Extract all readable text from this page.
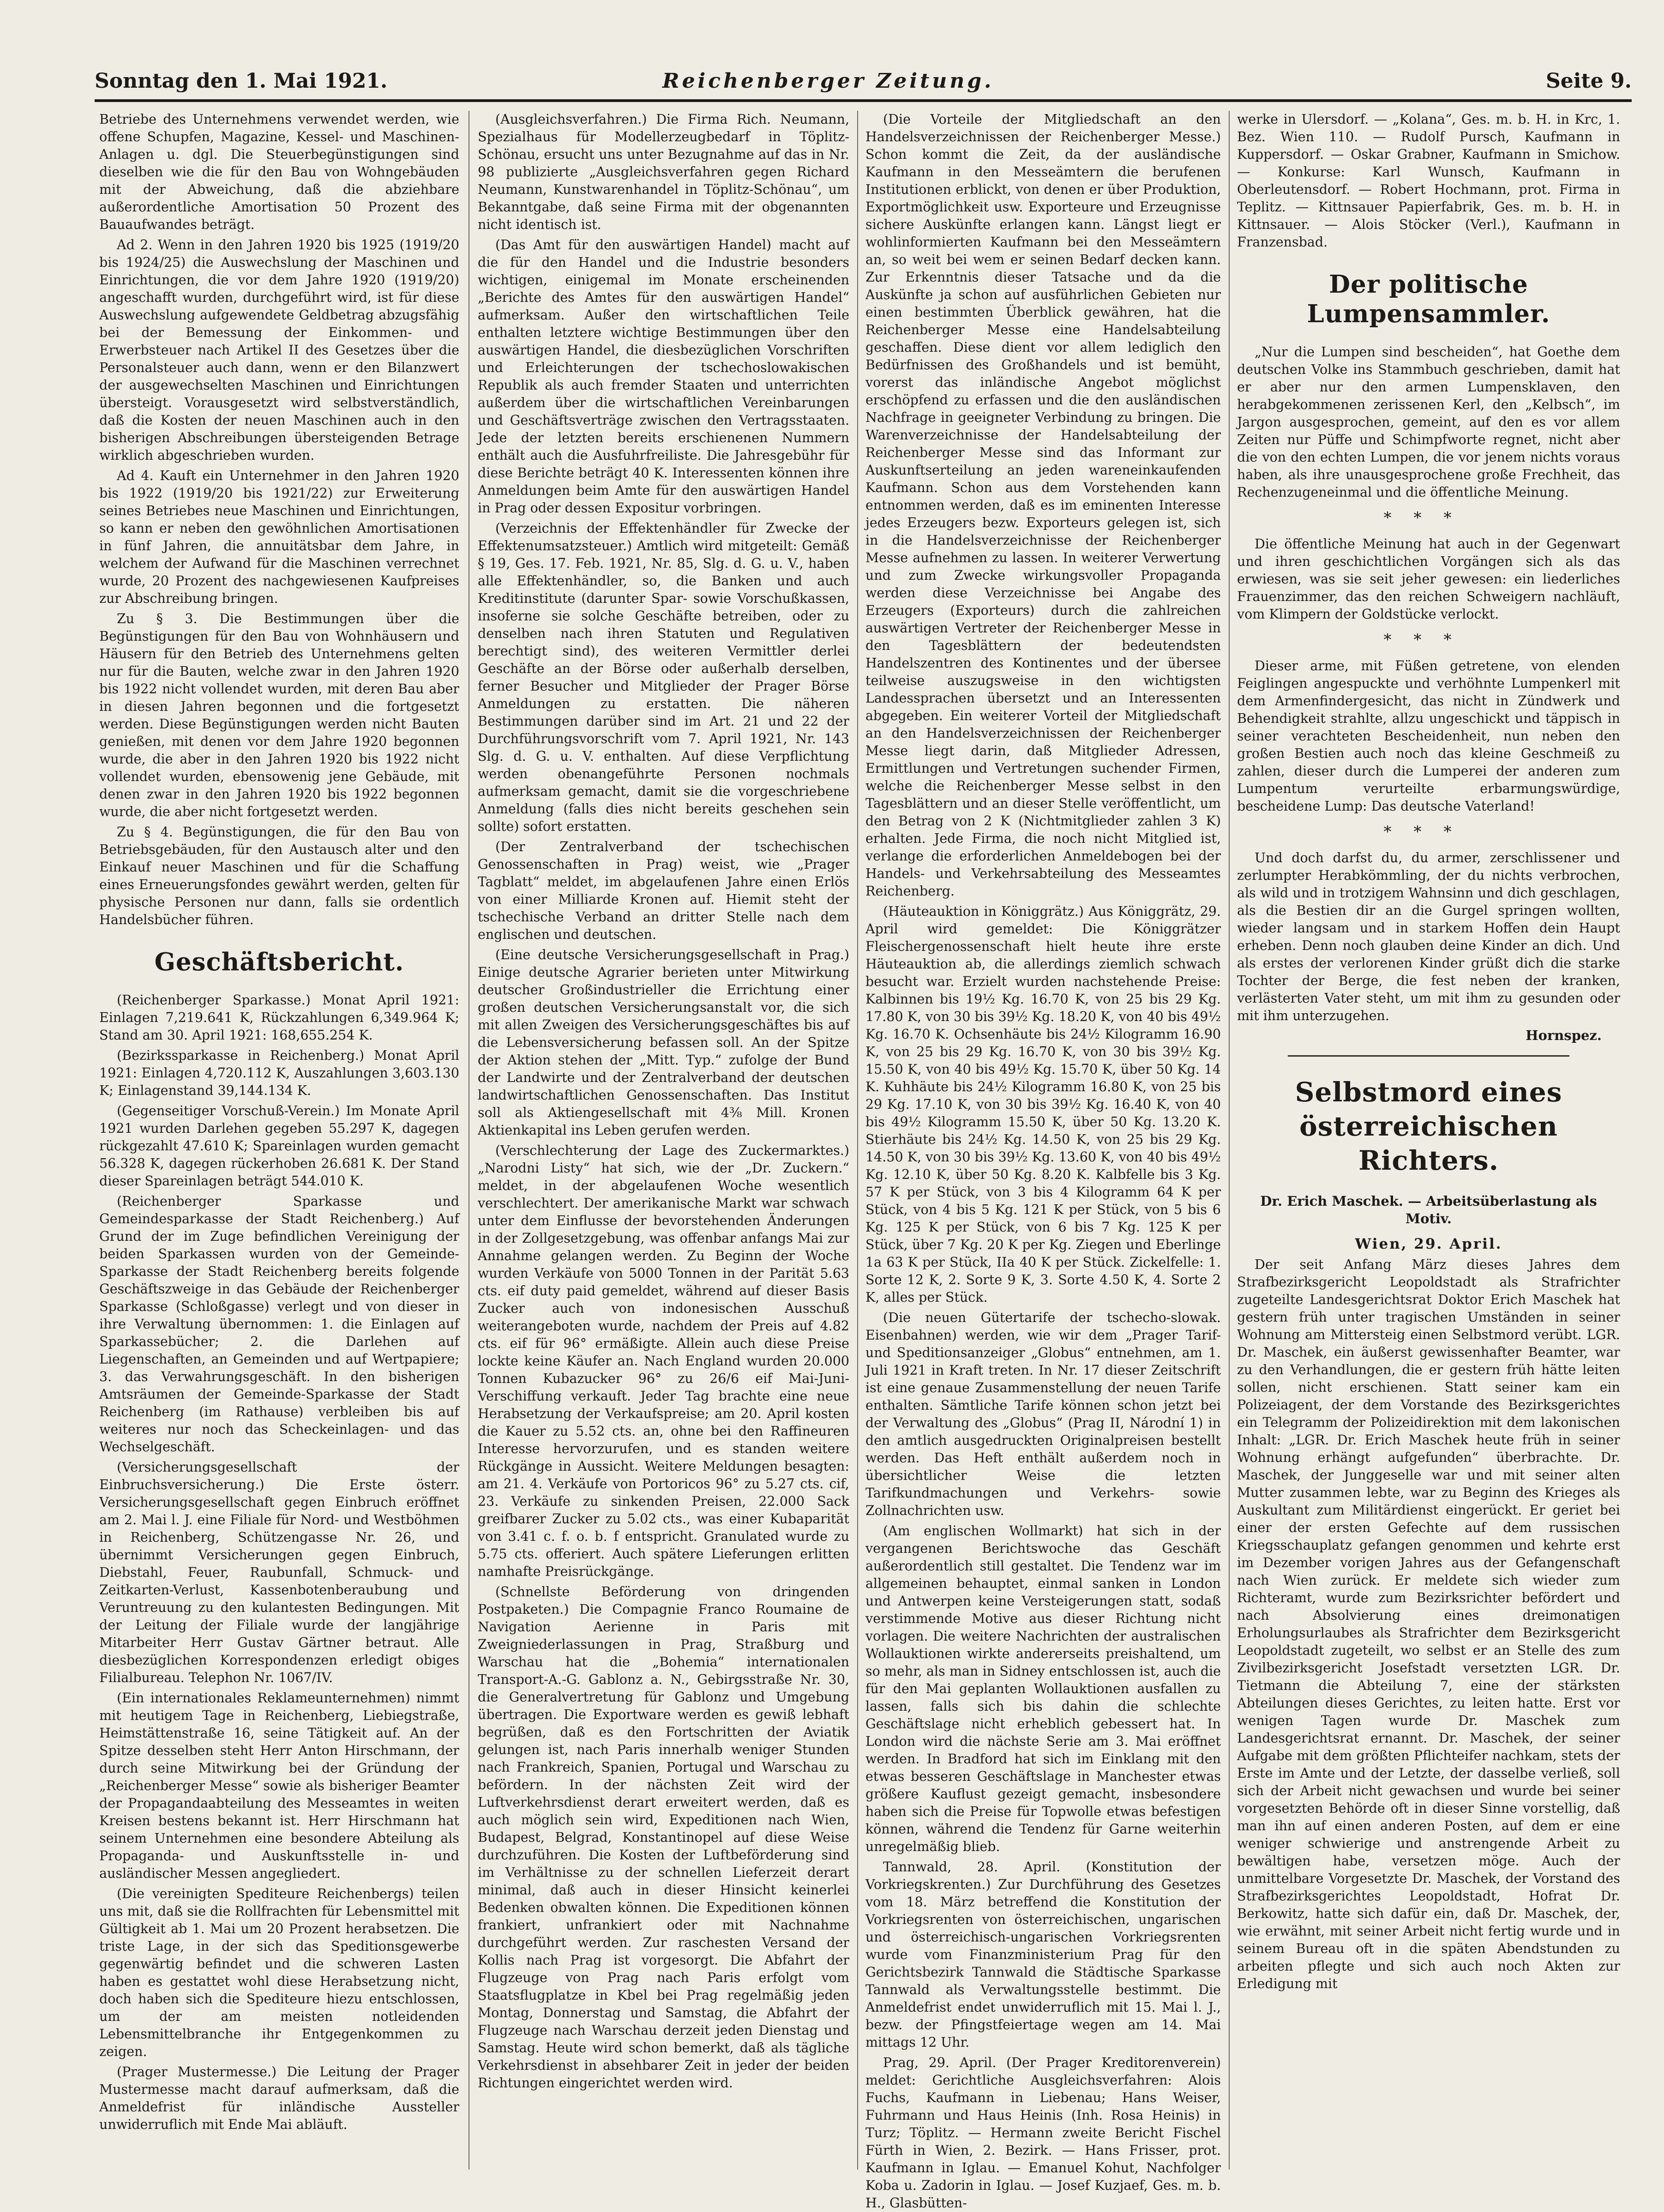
Sonntag den 1. Mai 1921.	Reichenberger Zeitung.	Seite 9.

Betriebe des Unternehmens verwendet werden, wie offene Schupfen, Magazine, Kessel- und Maschinen-Anlagen u. dgl. Die Steuerbegünstigungen sind dieselben wie die für den Bau von Wohngebäuden mit der Abweichung, daß die abziehbare außerordentliche Amortisation 50 Prozent des Bauaufwandes beträgt.

Ad 2. Wenn in den Jahren 1920 bis 1925 (1919/20 bis 1924/25) die Auswechslung der Maschinen und Einrichtungen, die vor dem Jahre 1920 (1919/20) angeschafft wurden, durchgeführt wird, ist für diese Auswechslung aufgewendete Geldbetrag abzugsfähig bei der Bemessung der Einkommen- und Erwerbsteuer nach Artikel II des Gesetzes über die Personalsteuer auch dann, wenn er den Bilanzwert der ausgewechselten Maschinen und Einrichtungen übersteigt. Vorausgesetzt wird selbstverständlich, daß die Kosten der neuen Maschinen auch in den bisherigen Abschreibungen übersteigenden Betrage wirklich abgeschrieben wurden.

Ad 4. Kauft ein Unternehmer in den Jahren 1920 bis 1922 (1919/20 bis 1921/22) zur Erweiterung seines Betriebes neue Maschinen und Einrichtungen, so kann er neben den gewöhnlichen Amortisationen in fünf Jahren, die annuitätsbar dem Jahre, in welchem der Aufwand für die Maschinen verrechnet wurde, 20 Prozent des nachgewiesenen Kaufpreises zur Abschreibung bringen.

Zu § 3. Die Bestimmungen über die Begünstigungen für den Bau von Wohnhäusern und Häusern für den Betrieb des Unternehmens gelten nur für die Bauten, welche zwar in den Jahren 1920 bis 1922 nicht vollendet wurden, mit deren Bau aber in diesen Jahren begonnen und die fortgesetzt werden. Diese Begünstigungen werden nicht Bauten genießen, mit denen vor dem Jahre 1920 begonnen wurde, die aber in den Jahren 1920 bis 1922 nicht vollendet wurden, ebensowenig jene Gebäude, mit denen zwar in den Jahren 1920 bis 1922 begonnen wurde, die aber nicht fortgesetzt werden.

Zu § 4. Begünstigungen, die für den Bau von Betriebsgebäuden, für den Austausch alter und den Einkauf neuer Maschinen und für die Schaffung eines Erneuerungsfondes gewährt werden, gelten für physische Personen nur dann, falls sie ordentlich Handelsbücher führen.

Geschäftsbericht.

(Reichenberger Sparkasse.) Monat April 1921: Einlagen 7,219.641 K, Rückzahlungen 6,349.964 K; Stand am 30. April 1921: 168,655.254 K.

(Bezirkssparkasse in Reichenberg.) Monat April 1921: Einlagen 4,720.112 K, Auszahlungen 3,603.130 K; Einlagenstand 39,144.134 K.

(Gegenseitiger Vorschuß-Verein.) Im Monate April 1921 wurden Darlehen gegeben 55.297 K, dagegen rückgezahlt 47.610 K; Spareinlagen wurden gemacht 56.328 K, dagegen rückerhoben 26.681 K. Der Stand dieser Spareinlagen beträgt 544.010 K.

(Reichenberger Sparkasse und Gemeindesparkasse der Stadt Reichenberg.) Auf Grund der im Zuge befindlichen Vereinigung der beiden Sparkassen wurden von der Gemeinde-Sparkasse der Stadt Reichenberg bereits folgende Geschäftszweige in das Gebäude der Reichenberger Sparkasse (Schloßgasse) verlegt und von dieser in ihre Verwaltung übernommen: 1. die Einlagen auf Sparkassebücher; 2. die Darlehen auf Liegenschaften, an Gemeinden und auf Wertpapiere; 3. das Verwahrungsgeschäft. In den bisherigen Amtsräumen der Gemeinde-Sparkasse der Stadt Reichenberg (im Rathause) verbleiben bis auf weiteres nur noch das Scheckeinlagen- und das Wechselgeschäft.

(Versicherungsgesellschaft der Einbruchsversicherung.) Die Erste österr. Versicherungsgesellschaft gegen Einbruch eröffnet am 2. Mai l. J. eine Filiale für Nord- und Westböhmen in Reichenberg, Schützengasse Nr. 26, und übernimmt Versicherungen gegen Einbruch, Diebstahl, Feuer, Raubunfall, Schmuck- und Zeitkarten-Verlust, Kassenbotenberaubung und Veruntreuung zu den kulantesten Bedingungen. Mit der Leitung der Filiale wurde der langjährige Mitarbeiter Herr Gustav Gärtner betraut. Alle diesbezüglichen Korrespondenzen erledigt obiges Filialbureau. Telephon Nr. 1067/IV.

(Ein internationales Reklameunternehmen) nimmt mit heutigem Tage in Reichenberg, Liebiegstraße, Heimstättenstraße 16, seine Tätigkeit auf. An der Spitze desselben steht Herr Anton Hirschmann, der durch seine Mitwirkung bei der Gründung der „Reichenberger Messe“ sowie als bisheriger Beamter der Propagandaabteilung des Messeamtes in weiten Kreisen bestens bekannt ist. Herr Hirschmann hat seinem Unternehmen eine besondere Abteilung als Propaganda- und Auskunftsstelle in- und ausländischer Messen angegliedert.

(Die vereinigten Spediteure Reichenbergs) teilen uns mit, daß sie die Rollfrachten für Lebensmittel mit Gültigkeit ab 1. Mai um 20 Prozent herabsetzen. Die triste Lage, in der sich das Speditionsgewerbe gegenwärtig befindet und die schweren Lasten haben es gestattet wohl diese Herabsetzung nicht, doch haben sich die Spediteure hiezu entschlossen, um der am meisten notleidenden Lebensmittelbranche ihr Entgegenkommen zu zeigen.

(Prager Mustermesse.) Die Leitung der Prager Mustermesse macht darauf aufmerksam, daß die Anmeldefrist für inländische Aussteller unwiderruflich mit Ende Mai abläuft.

(Ausgleichsverfahren.) Die Firma Rich. Neumann, Spezialhaus für Modellerzeugbedarf in Töplitz-Schönau, ersucht uns unter Bezugnahme auf das in Nr. 98 publizierte „Ausgleichsverfahren gegen Richard Neumann, Kunstwarenhandel in Töplitz-Schönau“, um Bekanntgabe, daß seine Firma mit der obgenannten nicht identisch ist.

(Das Amt für den auswärtigen Handel) macht auf die für den Handel und die Industrie besonders wichtigen, einigemal im Monate erscheinenden „Berichte des Amtes für den auswärtigen Handel“ aufmerksam. Außer den wirtschaftlichen Teile enthalten letztere wichtige Bestimmungen über den auswärtigen Handel, die diesbezüglichen Vorschriften und Erleichterungen der tschechoslowakischen Republik als auch fremder Staaten und unterrichten außerdem über die wirtschaftlichen Vereinbarungen und Geschäftsverträge zwischen den Vertragsstaaten. Jede der letzten bereits erschienenen Nummern enthält auch die Ausfuhrfreiliste. Die Jahresgebühr für diese Berichte beträgt 40 K. Interessenten können ihre Anmeldungen beim Amte für den auswärtigen Handel in Prag oder dessen Expositur vorbringen.

(Verzeichnis der Effektenhändler für Zwecke der Effektenumsatzsteuer.) Amtlich wird mitgeteilt: Gemäß § 19, Ges. 17. Feb. 1921, Nr. 85, Slg. d. G. u. V., haben alle Effektenhändler, so, die Banken und auch Kreditinstitute (darunter Spar- sowie Vorschußkassen, insoferne sie solche Geschäfte betreiben, oder zu denselben nach ihren Statuten und Regulativen berechtigt sind), des weiteren Vermittler derlei Geschäfte an der Börse oder außerhalb derselben, ferner Besucher und Mitglieder der Prager Börse Anmeldungen zu erstatten. Die näheren Bestimmungen darüber sind im Art. 21 und 22 der Durchführungsvorschrift vom 7. April 1921, Nr. 143 Slg. d. G. u. V. enthalten. Auf diese Verpflichtung werden obenangeführte Personen nochmals aufmerksam gemacht, damit sie die vorgeschriebene Anmeldung (falls dies nicht bereits geschehen sein sollte) sofort erstatten.

(Der Zentralverband der tschechischen Genossenschaften in Prag) weist, wie „Prager Tagblatt“ meldet, im abgelaufenen Jahre einen Erlös von einer Milliarde Kronen auf. Hiemit steht der tschechische Verband an dritter Stelle nach dem englischen und deutschen.

(Eine deutsche Versicherungsgesellschaft in Prag.) Einige deutsche Agrarier berieten unter Mitwirkung deutscher Großindustrieller die Errichtung einer großen deutschen Versicherungsanstalt vor, die sich mit allen Zweigen des Versicherungsgeschäftes bis auf die Lebensversicherung befassen soll. An der Spitze der Aktion stehen der „Mitt. Typ.“ zufolge der Bund der Landwirte und der Zentralverband der deutschen landwirtschaftlichen Genossenschaften. Das Institut soll als Aktiengesellschaft mit 4⅜ Mill. Kronen Aktienkapital ins Leben gerufen werden.

(Verschlechterung der Lage des Zuckermarktes.) „Narodni Listy“ hat sich, wie der „Dr. Zuckern.“ meldet, in der abgelaufenen Woche wesentlich verschlechtert. Der amerikanische Markt war schwach unter dem Einflusse der bevorstehenden Änderungen in der Zollgesetzgebung, was offenbar anfangs Mai zur Annahme gelangen werden. Zu Beginn der Woche wurden Verkäufe von 5000 Tonnen in der Parität 5.63 cts. eif duty paid gemeldet, während auf dieser Basis Zucker auch von indonesischen Ausschuß weiterangeboten wurde, nachdem der Preis auf 4.82 cts. eif für 96° ermäßigte. Allein auch diese Preise lockte keine Käufer an. Nach England wurden 20.000 Tonnen Kubazucker 96° zu 26/6 eif Mai-Juni-Verschiffung verkauft. Jeder Tag brachte eine neue Herabsetzung der Verkaufspreise; am 20. April kosten die Kauer zu 5.52 cts. an, ohne bei den Raffineuren Interesse hervorzurufen, und es standen weitere Rückgänge in Aussicht. Weitere Meldungen besagten: am 21. 4. Verkäufe von Portoricos 96° zu 5.27 cts. cif, 23. Verkäufe zu sinkenden Preisen, 22.000 Sack greifbarer Zucker zu 5.02 cts., was einer Kubaparität von 3.41 c. f. o. b. f entspricht. Granulated wurde zu 5.75 cts. offeriert. Auch spätere Lieferungen erlitten namhafte Preisrückgänge.

(Schnellste Beförderung von dringenden Postpaketen.) Die Compagnie Franco Roumaine de Navigation Aerienne in Paris mit Zweigniederlassungen in Prag, Straßburg und Warschau hat die „Bohemia“ internationalen Transport-A.-G. Gablonz a. N., Gebirgsstraße Nr. 30, die Generalvertretung für Gablonz und Umgebung übertragen. Die Exportware werden es gewiß lebhaft begrüßen, daß es den Fortschritten der Aviatik gelungen ist, nach Paris innerhalb weniger Stunden nach Frankreich, Spanien, Portugal und Warschau zu befördern. In der nächsten Zeit wird der Luftverkehrsdienst derart erweitert werden, daß es auch möglich sein wird, Expeditionen nach Wien, Budapest, Belgrad, Konstantinopel auf diese Weise durchzuführen. Die Kosten der Luftbeförderung sind im Verhältnisse zu der schnellen Lieferzeit derart minimal, daß auch in dieser Hinsicht keinerlei Bedenken obwalten können. Die Expeditionen können frankiert, unfrankiert oder mit Nachnahme durchgeführt werden. Zur raschesten Versand der Kollis nach Prag ist vorgesorgt. Die Abfahrt der Flugzeuge von Prag nach Paris erfolgt vom Staatsflugplatze in Kbel bei Prag regelmäßig jeden Montag, Donnerstag und Samstag, die Abfahrt der Flugzeuge nach Warschau derzeit jeden Dienstag und Samstag. Heute wird schon bemerkt, daß als tägliche Verkehrsdienst in absehbarer Zeit in jeder der beiden Richtungen eingerichtet werden wird.

(Die Vorteile der Mitgliedschaft an den Handelsverzeichnissen der Reichenberger Messe.) Schon kommt die Zeit, da der ausländische Kaufmann in den Messeämtern die berufenen Institutionen erblickt, von denen er über Produktion, Exportmöglichkeit usw. Exporteure und Erzeugnisse sichere Auskünfte erlangen kann. Längst liegt er wohlinformierten Kaufmann bei den Messeämtern an, so weit bei wem er seinen Bedarf decken kann. Zur Erkenntnis dieser Tatsache und da die Auskünfte ja schon auf ausführlichen Gebieten nur einen bestimmten Überblick gewähren, hat die Reichenberger Messe eine Handelsabteilung geschaffen. Diese dient vor allem lediglich den Bedürfnissen des Großhandels und ist bemüht, vorerst das inländische Angebot möglichst erschöpfend zu erfassen und die den ausländischen Nachfrage in geeigneter Verbindung zu bringen. Die Warenverzeichnisse der Handelsabteilung der Reichenberger Messe sind das Informant zur Auskunftserteilung an jeden wareneinkaufenden Kaufmann. Schon aus dem Vorstehenden kann entnommen werden, daß es im eminenten Interesse jedes Erzeugers bezw. Exporteurs gelegen ist, sich in die Handelsverzeichnisse der Reichenberger Messe aufnehmen zu lassen. In weiterer Verwertung und zum Zwecke wirkungsvoller Propaganda werden diese Verzeichnisse bei Angabe des Erzeugers (Exporteurs) durch die zahlreichen auswärtigen Vertreter der Reichenberger Messe in den Tagesblättern der bedeutendsten Handelszentren des Kontinentes und der übersee teilweise auszugsweise in den wichtigsten Landessprachen übersetzt und an Interessenten abgegeben. Ein weiterer Vorteil der Mitgliedschaft an den Handelsverzeichnissen der Reichenberger Messe liegt darin, daß Mitglieder Adressen, Ermittlungen und Vertretungen suchender Firmen, welche die Reichenberger Messe selbst in den Tagesblättern und an dieser Stelle veröffentlicht, um den Betrag von 2 K (Nichtmitglieder zahlen 3 K) erhalten. Jede Firma, die noch nicht Mitglied ist, verlange die erforderlichen Anmeldebogen bei der Handels- und Verkehrsabteilung des Messeamtes Reichenberg.

(Häuteauktion in Königgrätz.) Aus Königgrätz, 29. April wird gemeldet: Die Königgrätzer Fleischergenossenschaft hielt heute ihre erste Häuteauktion ab, die allerdings ziemlich schwach besucht war. Erzielt wurden nachstehende Preise: Kalbinnen bis 19½ Kg. 16.70 K, von 25 bis 29 Kg. 17.80 K, von 30 bis 39½ Kg. 18.20 K, von 40 bis 49½ Kg. 16.70 K. Ochsenhäute bis 24½ Kilogramm 16.90 K, von 25 bis 29 Kg. 16.70 K, von 30 bis 39½ Kg. 15.50 K, von 40 bis 49½ Kg. 15.70 K, über 50 Kg. 14 K. Kuhhäute bis 24½ Kilogramm 16.80 K, von 25 bis 29 Kg. 17.10 K, von 30 bis 39½ Kg. 16.40 K, von 40 bis 49½ Kilogramm 15.50 K, über 50 Kg. 13.20 K. Stierhäute bis 24½ Kg. 14.50 K, von 25 bis 29 Kg. 14.50 K, von 30 bis 39½ Kg. 13.60 K, von 40 bis 49½ Kg. 12.10 K, über 50 Kg. 8.20 K. Kalbfelle bis 3 Kg. 57 K per Stück, von 3 bis 4 Kilogramm 64 K per Stück, von 4 bis 5 Kg. 121 K per Stück, von 5 bis 6 Kg. 125 K per Stück, von 6 bis 7 Kg. 125 K per Stück, über 7 Kg. 20 K per Kg. Ziegen und Eberlinge 1a 63 K per Stück, IIa 40 K per Stück. Zickelfelle: 1. Sorte 12 K, 2. Sorte 9 K, 3. Sorte 4.50 K, 4. Sorte 2 K, alles per Stück.

(Die neuen Gütertarife der tschecho-slowak. Eisenbahnen) werden, wie wir dem „Prager Tarif- und Speditionsanzeiger „Globus“ entnehmen, am 1. Juli 1921 in Kraft treten. In Nr. 17 dieser Zeitschrift ist eine genaue Zusammenstellung der neuen Tarife enthalten. Sämtliche Tarife können schon jetzt bei der Verwaltung des „Globus“ (Prag II, Národní 1) in den amtlich ausgedruckten Originalpreisen bestellt werden. Das Heft enthält außerdem noch in übersichtlicher Weise die letzten Tarifkundmachungen und Verkehrs- sowie Zollnachrichten usw.

(Am englischen Wollmarkt) hat sich in der vergangenen Berichtswoche das Geschäft außerordentlich still gestaltet. Die Tendenz war im allgemeinen behauptet, einmal sanken in London und Antwerpen keine Versteigerungen statt, sodaß verstimmende Motive aus dieser Richtung nicht vorlagen. Die weitere Nachrichten der australischen Wollauktionen wirkte andererseits preishaltend, um so mehr, als man in Sidney entschlossen ist, auch die für den Mai geplanten Wollauktionen ausfallen zu lassen, falls sich bis dahin die schlechte Geschäftslage nicht erheblich gebessert hat. In London wird die nächste Serie am 3. Mai eröffnet werden. In Bradford hat sich im Einklang mit den etwas besseren Geschäftslage in Manchester etwas größere Kauflust gezeigt gemacht, insbesondere haben sich die Preise für Topwolle etwas befestigen können, während die Tendenz für Garne weiterhin unregelmäßig blieb.

Tannwald, 28. April. (Konstitution der Vorkriegskrenten.) Zur Durchführung des Gesetzes vom 18. März betreffend die Konstitution der Vorkriegsrenten von österreichischen, ungarischen und österreichisch-ungarischen Vorkriegsrenten wurde vom Finanzministerium Prag für den Gerichtsbezirk Tannwald die Städtische Sparkasse Tannwald als Verwaltungsstelle bestimmt. Die Anmeldefrist endet unwiderruflich mit 15. Mai l. J., bezw. der Pfingstfeiertage wegen am 14. Mai mittags 12 Uhr.

Prag, 29. April. (Der Prager Kreditorenverein) meldet: Gerichtliche Ausgleichsverfahren: Alois Fuchs, Kaufmann in Liebenau; Hans Weiser, Fuhrmann und Haus Heinis (Inh. Rosa Heinis) in Turz; Töplitz. — Hermann zweite Bericht Fischel Fürth in Wien, 2. Bezirk. — Hans Frisser, prot. Kaufmann in Iglau. — Emanuel Kohut, Nachfolger Koba u. Zadorin in Iglau. — Josef Kuzjaef, Ges. m. b. H., Glasbütten-

werke in Ulersdorf. — „Kolana“, Ges. m. b. H. in Krc, 1. Bez. Wien 110. — Rudolf Pursch, Kaufmann in Kuppersdorf. — Oskar Grabner, Kaufmann in Smichow. — Konkurse: Karl Wunsch, Kaufmann in Oberleutensdorf. — Robert Hochmann, prot. Firma in Teplitz. — Kittnsauer Papierfabrik, Ges. m. b. H. in Kittnsauer. — Alois Stöcker (Verl.), Kaufmann in Franzensbad.

Der politische Lumpensammler.

„Nur die Lumpen sind bescheiden“, hat Goethe dem deutschen Volke ins Stammbuch geschrieben, damit hat er aber nur den armen Lumpensklaven, den herabgekommenen zerissenen Kerl, den „Kelbsch“, im Jargon ausgesprochen, gemeint, auf den es vor allem Zeiten nur Püffe und Schimpfworte regnet, nicht aber die von den echten Lumpen, die vor jenem nichts voraus haben, als ihre unausgesprochene große Frechheit, das Rechenzugeneinmal und die öffentliche Meinung.

***

Die öffentliche Meinung hat auch in der Gegenwart und ihren geschichtlichen Vorgängen sich als das erwiesen, was sie seit jeher gewesen: ein liederliches Frauenzimmer, das den reichen Schweigern nachläuft, vom Klimpern der Goldstücke verlockt.

***

Dieser arme, mit Füßen getretene, von elenden Feiglingen angespuckte und verhöhnte Lumpenkerl mit dem Armenfindergesicht, das nicht in Zündwerk und Behendigkeit strahlte, allzu ungeschickt und täppisch in seiner verachteten Bescheidenheit, nun neben den großen Bestien auch noch das kleine Geschmeiß zu zahlen, dieser durch die Lumperei der anderen zum Lumpentum verurteilte erbarmungswürdige, bescheidene Lump: Das deutsche Vaterland!

***

Und doch darfst du, du armer, zerschlissener und zerlumpter Herabkömmling, der du nichts verbrochen, als wild und in trotzigem Wahnsinn und dich geschlagen, als die Bestien dir an die Gurgel springen wollten, wieder langsam und in starkem Hoffen dein Haupt erheben. Denn noch glauben deine Kinder an dich. Und als erstes der verlorenen Kinder grüßt dich die starke Tochter der Berge, die fest neben der kranken, verlästerten Vater steht, um mit ihm zu gesunden oder mit ihm unterzugehen.

Hornspez.
Selbstmord eines österreichischen Richters.
Dr. Erich Maschek. — Arbeitsüberlastung als Motiv.
Wien, 29. April.

Der seit Anfang März dieses Jahres dem Strafbezirksgericht Leopoldstadt als Strafrichter zugeteilte Landesgerichtsrat Doktor Erich Maschek hat gestern früh unter tragischen Umständen in seiner Wohnung am Mittersteig einen Selbstmord verübt. LGR. Dr. Maschek, ein äußerst gewissenhafter Beamter, war zu den Verhandlungen, die er gestern früh hätte leiten sollen, nicht erschienen. Statt seiner kam ein Polizeiagent, der dem Vorstande des Bezirksgerichtes ein Telegramm der Polizeidirektion mit dem lakonischen Inhalt: „LGR. Dr. Erich Maschek heute früh in seiner Wohnung erhängt aufgefunden“ überbrachte. Dr. Maschek, der Junggeselle war und mit seiner alten Mutter zusammen lebte, war zu Beginn des Krieges als Auskultant zum Militärdienst eingerückt. Er geriet bei einer der ersten Gefechte auf dem russischen Kriegsschauplatz gefangen genommen und kehrte erst im Dezember vorigen Jahres aus der Gefangenschaft nach Wien zurück. Er meldete sich wieder zum Richteramt, wurde zum Bezirksrichter befördert und nach Absolvierung eines dreimonatigen Erholungsurlaubes als Strafrichter dem Bezirksgericht Leopoldstadt zugeteilt, wo selbst er an Stelle des zum Zivilbezirksgericht Josefstadt versetzten LGR. Dr. Tietmann die Abteilung 7, eine der stärksten Abteilungen dieses Gerichtes, zu leiten hatte. Erst vor wenigen Tagen wurde Dr. Maschek zum Landesgerichtsrat ernannt. Dr. Maschek, der seiner Aufgabe mit dem größten Pflichteifer nachkam, stets der Erste im Amte und der Letzte, der dasselbe verließ, soll sich der Arbeit nicht gewachsen und wurde bei seiner vorgesetzten Behörde oft in dieser Sinne vorstellig, daß man ihn auf einen anderen Posten, auf dem er eine weniger schwierige und anstrengende Arbeit zu bewältigen habe, versetzen möge. Auch der unmittelbare Vorgesetzte Dr. Maschek, der Vorstand des Strafbezirksgerichtes Leopoldstadt, Hofrat Dr. Berkowitz, hatte sich dafür ein, daß Dr. Maschek, der, wie erwähnt, mit seiner Arbeit nicht fertig wurde und in seinem Bureau oft in die späten Abendstunden zu arbeiten pflegte und sich auch noch Akten zur Erledigung mit
